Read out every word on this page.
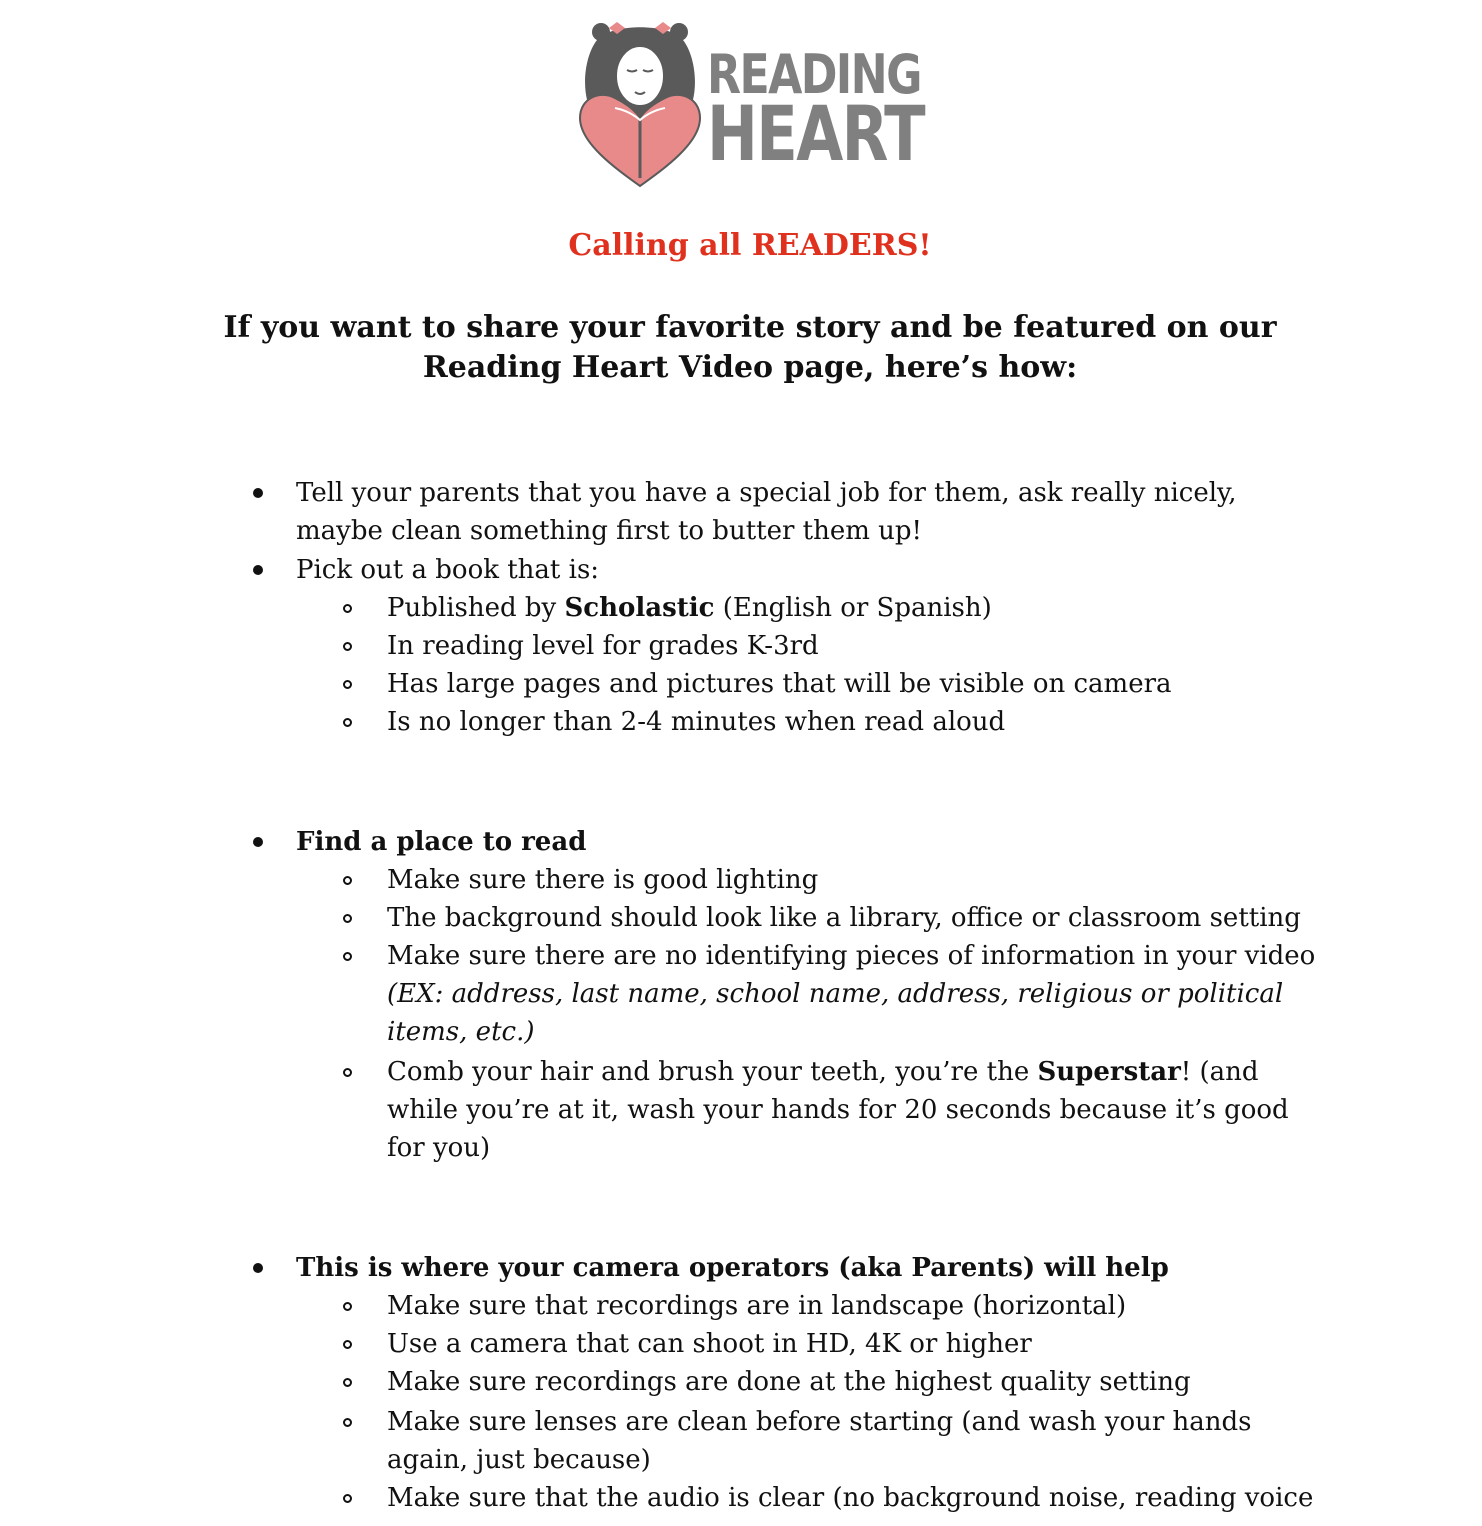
READING
HEART
Calling all READERS!
If you want to share your favorite story and be featured on our
Reading Heart Video page, here’s how:
Tell your parents that you have a special job for them, ask really nicely,
maybe clean something first to butter them up!
Pick out a book that is:
Published by Scholastic (English or Spanish)
In reading level for grades K-3rd
Has large pages and pictures that will be visible on camera
Is no longer than 2-4 minutes when read aloud
Find a place to read
Make sure there is good lighting
The background should look like a library, office or classroom setting
Make sure there are no identifying pieces of information in your video
(EX: address, last name, school name, address, religious or political
items, etc.)
Comb your hair and brush your teeth, you’re the Superstar! (and
while you’re at it, wash your hands for 20 seconds because it’s good
for you)
This is where your camera operators (aka Parents) will help
Make sure that recordings are in landscape (horizontal)
Use a camera that can shoot in HD, 4K or higher
Make sure recordings are done at the highest quality setting
Make sure lenses are clean before starting (and wash your hands
again, just because)
Make sure that the audio is clear (no background noise, reading voice
